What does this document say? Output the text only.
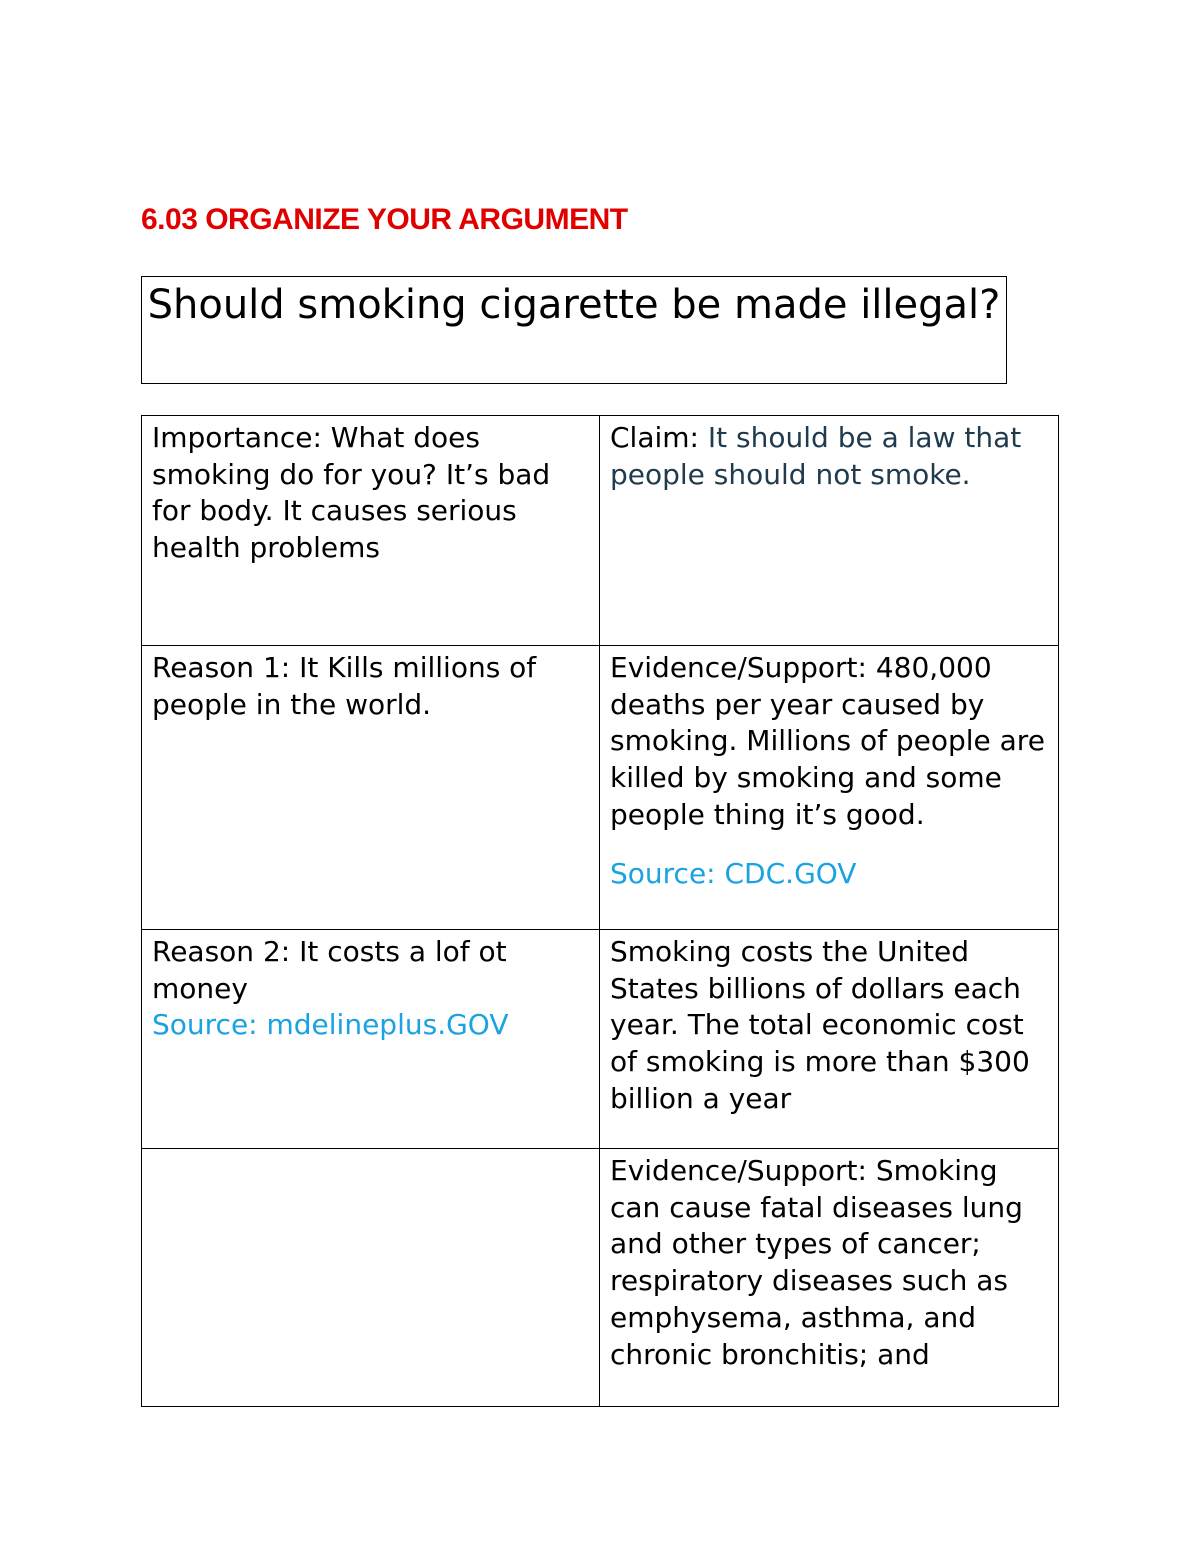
6.03 ORGANIZE YOUR ARGUMENT
Should smoking cigarette be made illegal?
Importance: What does smoking do for you? It’s bad for body. It causes serious health problems	Claim: It should be a law that people should not smoke.
Reason 1: It Kills millions of people in the world.	Evidence/Support: 480,000 deaths per year caused by smoking. Millions of people are killed by smoking and some people thing it’s good.
Source: CDC.GOV

Reason 2: It costs a lof ot money
Source: mdelineplus.GOV	Smoking costs the United States billions of dollars each year. The total economic cost of smoking is more than $300 billion a year
	Evidence/Support: Smoking can cause fatal diseases lung and other types of cancer; respiratory diseases such as emphysema, asthma, and chronic bronchitis; and
